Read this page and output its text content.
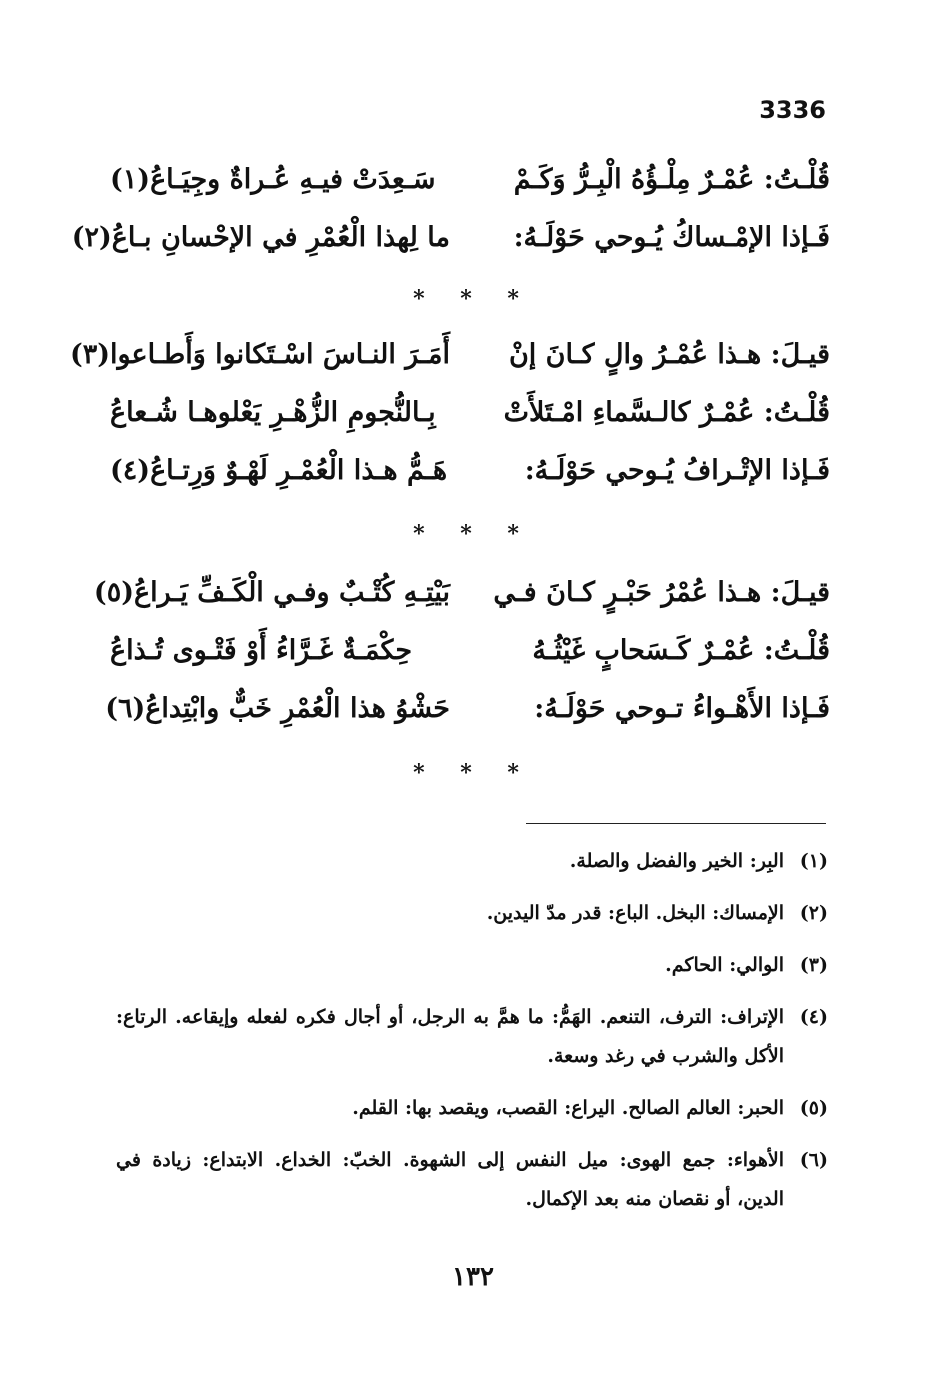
3336
قُلْـتُ: عُمْـرٌ مِلْـؤُهُ الْبِـرُّ وَكَـمْ
سَـعِدَتْ فيـهِ عُـراةٌ وجِيَـاعُ(١)
فَـإذا الإمْـساكُ يُـوحي حَوْلَـهُ:
ما لِهذا الْعُمْرِ في الإحْسانِ بـاعُ(٢)
* * *
قيـلَ: هـذا عُمْـرُ والٍ كـانَ إنْ
أَمَـرَ النـاسَ اسْـتَكانوا وَأَطـاعوا(٣)
قُلْـتُ: عُمْـرٌ كالـسَّماءِ امْـتَلأَتْ
بِـالنُّجومِ الزُّهْـرِ يَعْلوهـا شُـعاعُ
فَـإذا الإتْـرافُ يُـوحي حَوْلَـهُ:
هَـمُّ هـذا الْعُمْـرِ لَهْـوٌ وَرِتـاعُ(٤)
* * *
قيـلَ: هـذا عُمْرُ حَبْـرٍ كـانَ فـي
بَيْتِـهِ كُتْـبٌ وفـي الْكَـفِّ يَـراعُ(٥)
قُلْـتُ: عُمْـرٌ كَـسَحابٍ غَيْثُـهُ
حِكْمَـةٌ غَـرَّاءُ أَوْ فَتْـوى تُـذاعُ
فَـإذا الأَهْـواءُ تـوحي حَوْلَـهُ:
حَشْوُ هذا الْعُمْرِ خَبٌّ وابْتِداعُ(٦)
* * *
(١)
البِر: الخير والفضل والصلة.
(٢)
الإمساك: البخل. الباع: قدر مدّ اليدين.
(٣)
الوالي: الحاكم.
(٤)
الإتراف: الترف، التنعم. الهَمُّ: ما همَّ به الرجل، أو أجال فكره لفعله وإيقاعه. الرتاع: الأكل والشرب في رغد وسعة.
(٥)
الحبر: العالم الصالح. اليراع: القصب، ويقصد بها: القلم.
(٦)
الأهواء: جمع الهوى: ميل النفس إلى الشهوة. الخبّ: الخداع. الابتداع: زيادة في الدين، أو نقصان منه بعد الإكمال.
١٣٢
